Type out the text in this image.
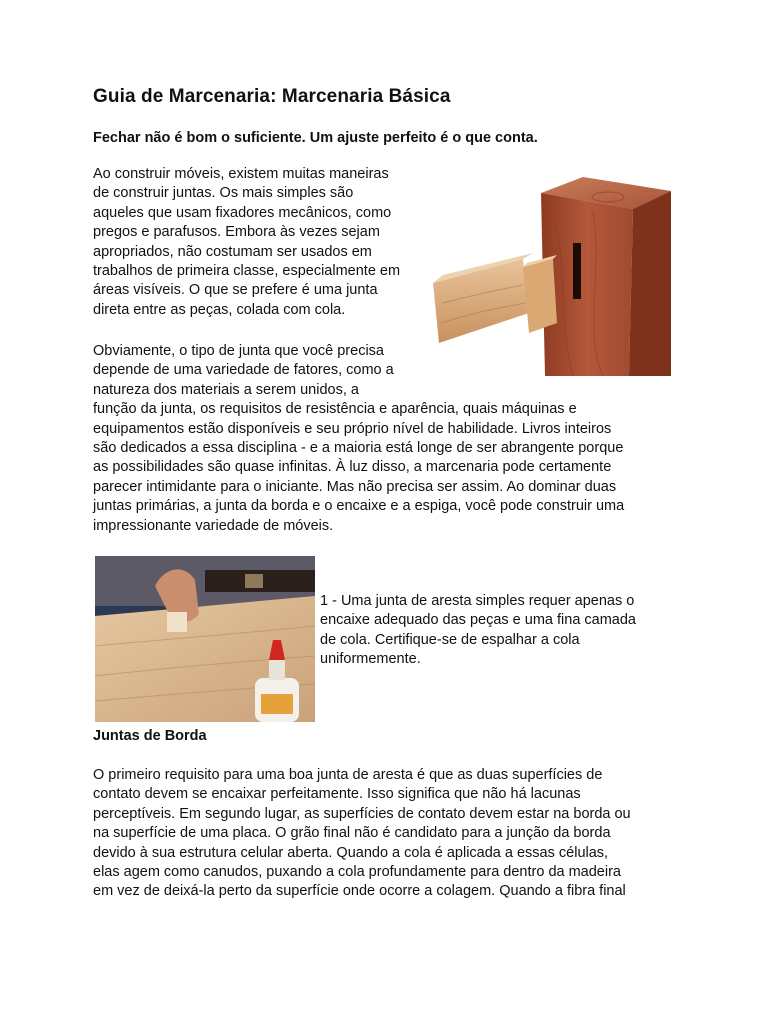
Guia de Marcenaria: Marcenaria Básica

Fechar não é bom o suficiente. Um ajuste perfeito é o que conta.

Ao construir móveis, existem muitas maneiras
de construir juntas. Os mais simples são
aqueles que usam fixadores mecânicos, como
pregos e parafusos. Embora às vezes sejam
apropriados, não costumam ser usados em
trabalhos de primeira classe, especialmente em
áreas visíveis. O que se prefere é uma junta
direta entre as peças, colada com cola.
Obviamente, o tipo de junta que você precisa
depende de uma variedade de fatores, como a
natureza dos materiais a serem unidos, a
função da junta, os requisitos de resistência e aparência, quais máquinas e
equipamentos estão disponíveis e seu próprio nível de habilidade. Livros inteiros
são dedicados a essa disciplina - e a maioria está longe de ser abrangente porque
as possibilidades são quase infinitas. À luz disso, a marcenaria pode certamente
parecer intimidante para o iniciante. Mas não precisa ser assim. Ao dominar duas
juntas primárias, a junta da borda e o encaixe e a espiga, você pode construir uma
impressionante variedade de móveis.
1 - Uma junta de aresta simples requer apenas o
encaixe adequado das peças e uma fina camada
de cola. Certifique-se de espalhar a cola
uniformemente.
Juntas de Borda
O primeiro requisito para uma boa junta de aresta é que as duas superfícies de
contato devem se encaixar perfeitamente. Isso significa que não há lacunas
perceptíveis. Em segundo lugar, as superfícies de contato devem estar na borda ou
na superfície de uma placa. O grão final não é candidato para a junção da borda
devido à sua estrutura celular aberta. Quando a cola é aplicada a essas células,
elas agem como canudos, puxando a cola profundamente para dentro da madeira
em vez de deixá-la perto da superfície onde ocorre a colagem. Quando a fibra final
